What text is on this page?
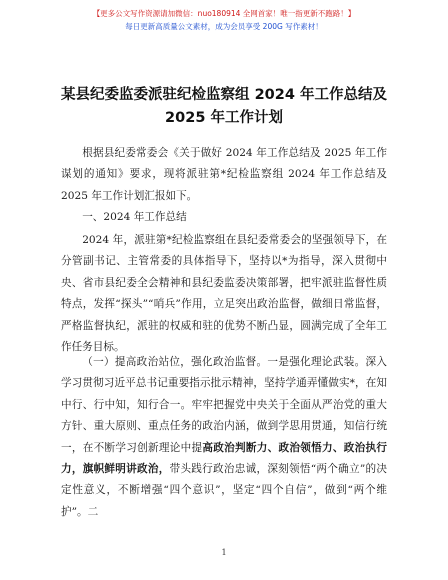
【更多公文写作资源请加微信：nuo180914 全网首家！唯一指更新不跑路！】
每日更新高质量公文素材，成为会员享受 200G 写作素材！
某县纪委监委派驻纪检监察组 2024 年工作总结及 2025 年工作计划

根据县纪委常委会《关于做好 2024 年工作总结及 2025 年工作谋划的通知》要求，现将派驻第*纪检监察组 2024 年工作总结及 2025 年工作计划汇报如下。

一、2024 年工作总结

2024 年，派驻第*纪检监察组在县纪委常委会的坚强领导下，在分管副书记、主管常委的具体指导下，坚持以*为指导，深入贯彻中央、省市县纪委全会精神和县纪委监委决策部署，把牢派驻监督性质特点，发挥“探头”“哨兵”作用，立足突出政治监督，做细日常监督，严格监督执纪，派驻的权威和驻的优势不断凸显，圆满完成了全年工作任务目标。

（一）提高政治站位，强化政治监督。一是强化理论武装。深入学习贯彻习近平总书记重要指示批示精神，坚持学通弄懂做实*，在知中行、行中知，知行合一。牢牢把握党中央关于全面从严治党的重大方针、重大原则、重点任务的政治内涵，做到学思用贯通，知信行统一，在不断学习创新理论中提高政治判断力、政治领悟力、政治执行力，旗帜鲜明讲政治，带头践行政治忠诚，深刻领悟“两个确立”的决定性意义，不断增强“四个意识”，坚定“四个自信”，做到“两个维护”。二

1
